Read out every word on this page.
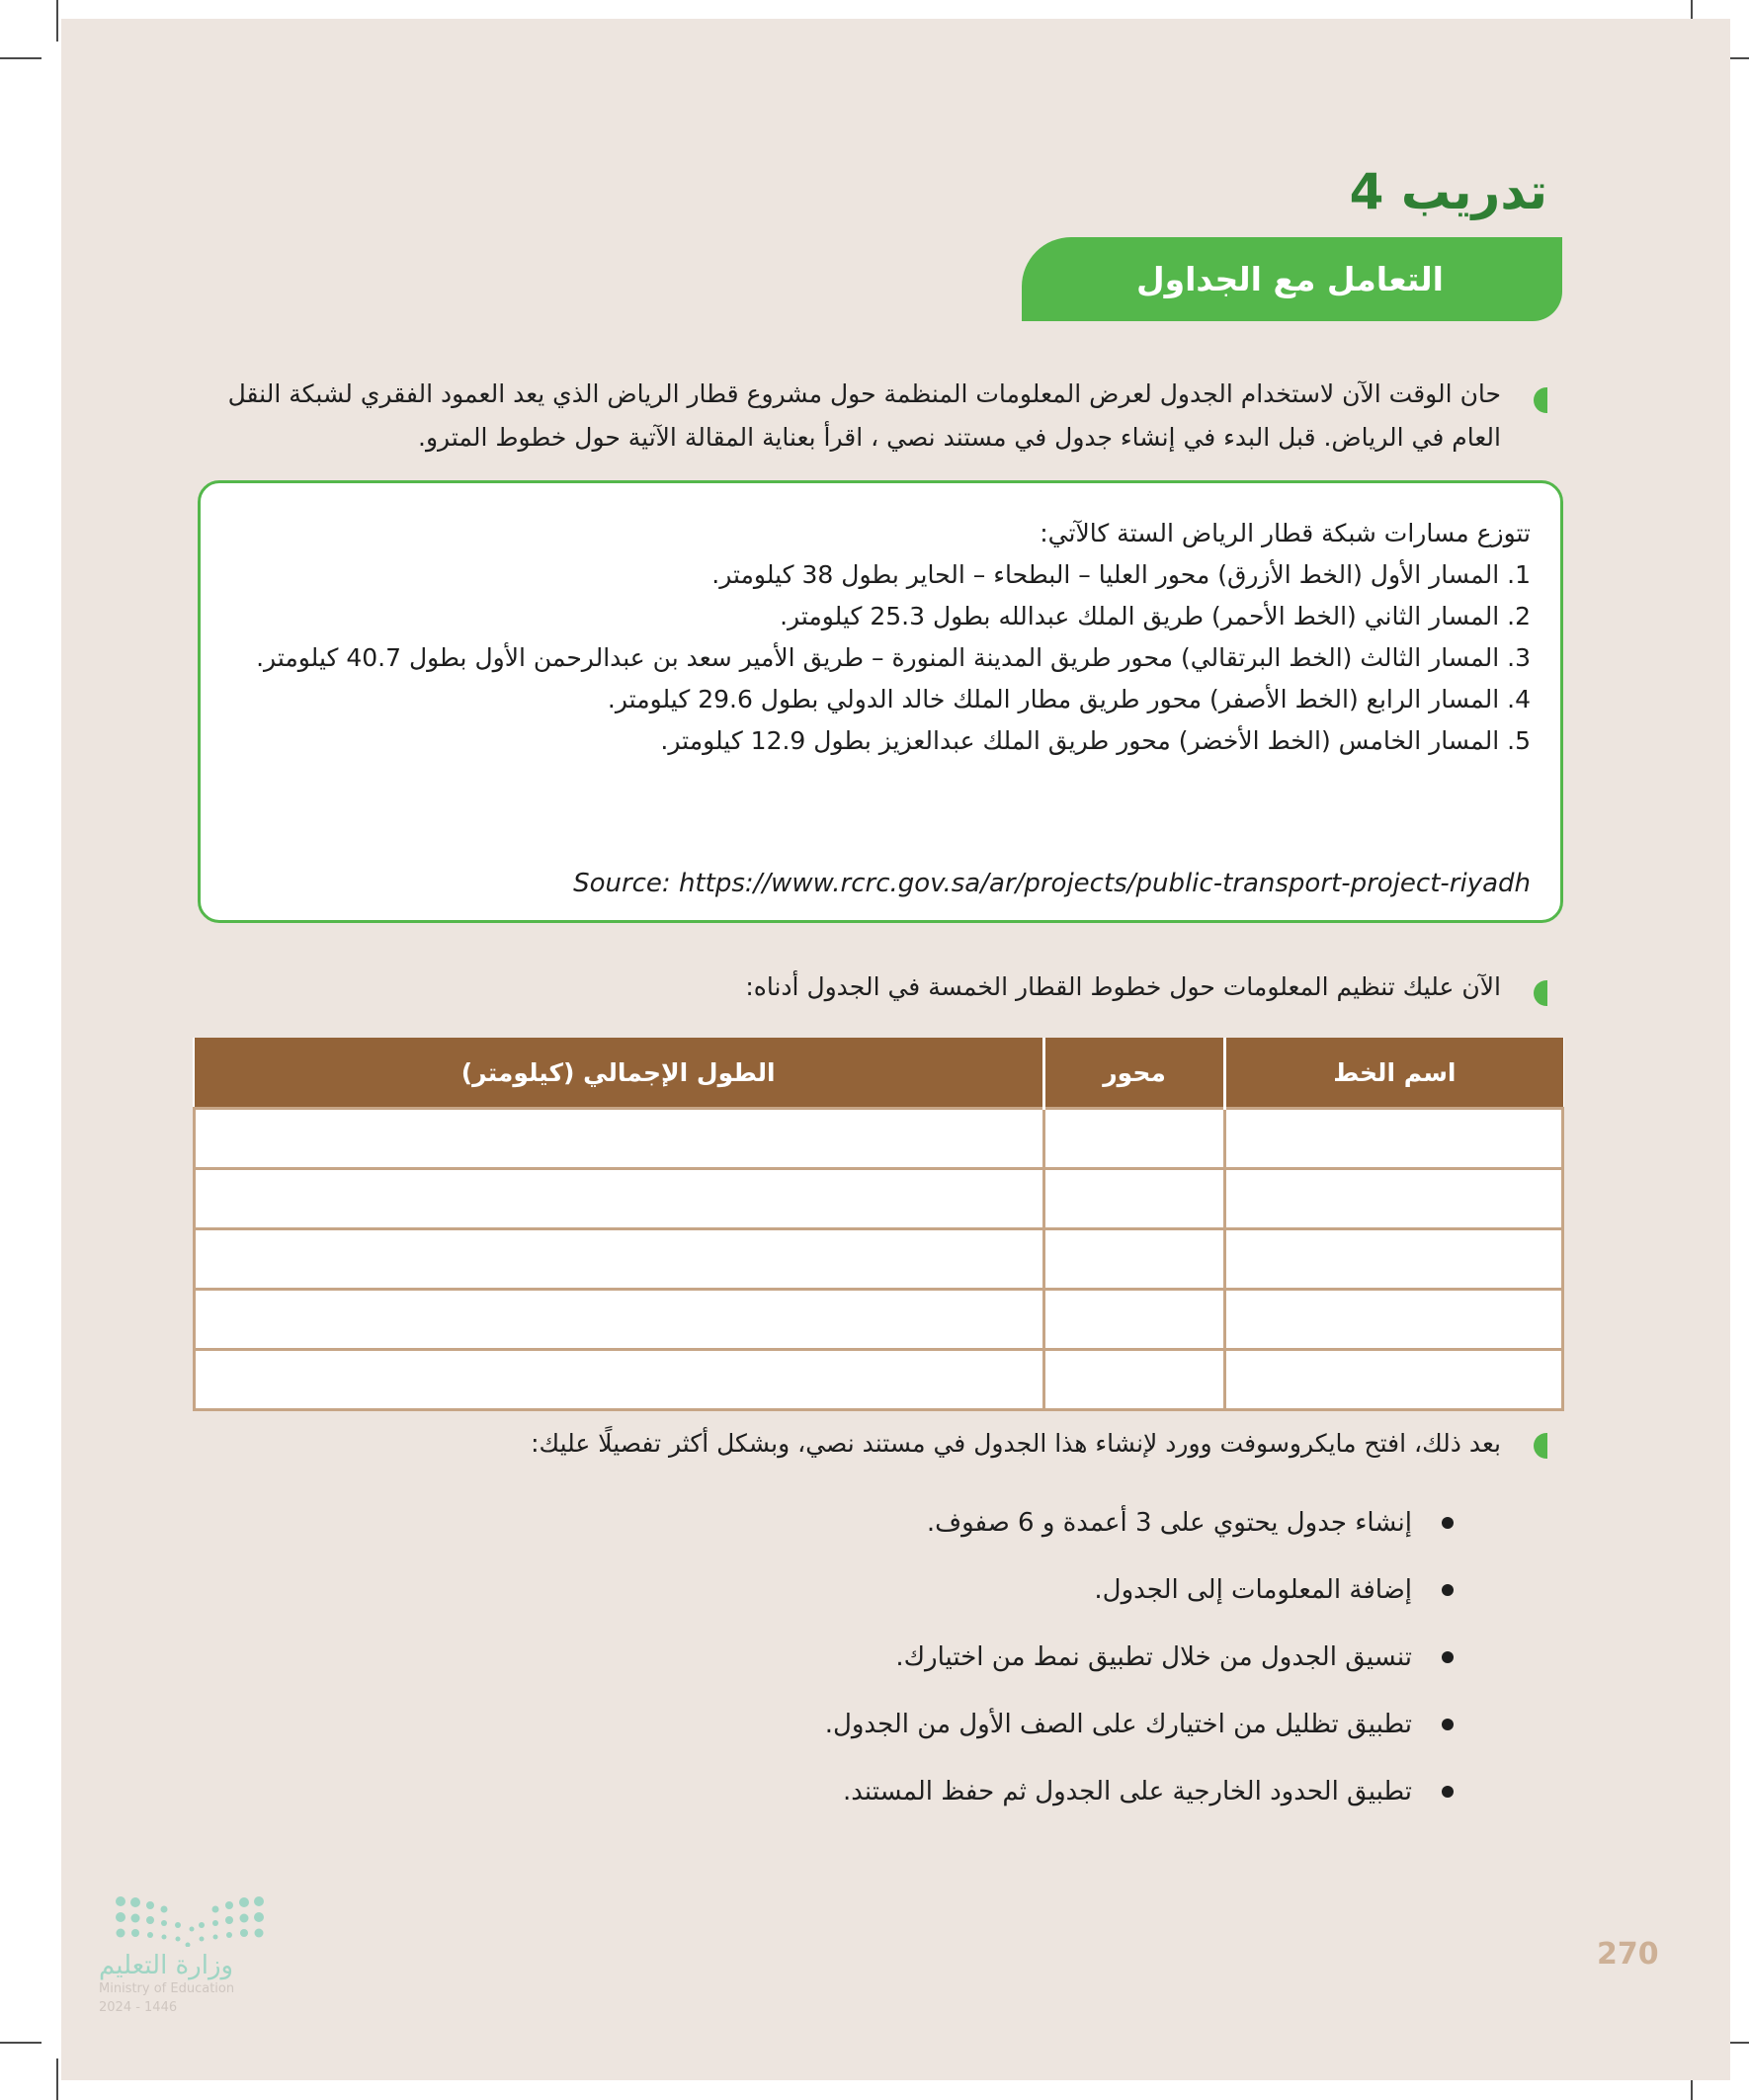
تدريب 4
التعامل مع الجداول
حان الوقت الآن لاستخدام الجدول لعرض المعلومات المنظمة حول مشروع قطار الرياض الذي يعد العمود الفقري لشبكة النقل العام في الرياض. قبل البدء في إنشاء جدول في مستند نصي ، اقرأ بعناية المقالة الآتية حول خطوط المترو.
تتوزع مسارات شبكة قطار الرياض الستة كالآتي:
1. المسار الأول (الخط الأزرق) محور العليا – البطحاء – الحاير بطول 38 كيلومتر.
2. المسار الثاني (الخط الأحمر) طريق الملك عبدالله بطول 25.3 كيلومتر.
3. المسار الثالث (الخط البرتقالي) محور طريق المدينة المنورة – طريق الأمير سعد بن عبدالرحمن الأول بطول 40.7 كيلومتر.
4. المسار الرابع (الخط الأصفر) محور طريق مطار الملك خالد الدولي بطول 29.6 كيلومتر.
5. المسار الخامس (الخط الأخضر) محور طريق الملك عبدالعزيز بطول 12.9 كيلومتر.
Source: https://www.rcrc.gov.sa/ar/projects/public-transport-project-riyadh
الآن عليك تنظيم المعلومات حول خطوط القطار الخمسة في الجدول أدناه:
اسم الخط	محور	الطول الإجمالي (كيلومتر)

بعد ذلك، افتح مايكروسوفت وورد لإنشاء هذا الجدول في مستند نصي، وبشكل أكثر تفصيلًا عليك:
إنشاء جدول يحتوي على 3 أعمدة و 6 صفوف.
إضافة المعلومات إلى الجدول.
تنسيق الجدول من خلال تطبيق نمط من اختيارك.
تطبيق تظليل من اختيارك على الصف الأول من الجدول.
تطبيق الحدود الخارجية على الجدول ثم حفظ المستند.
وزارة التعليم
Ministry of Education
2024 - 1446
270
